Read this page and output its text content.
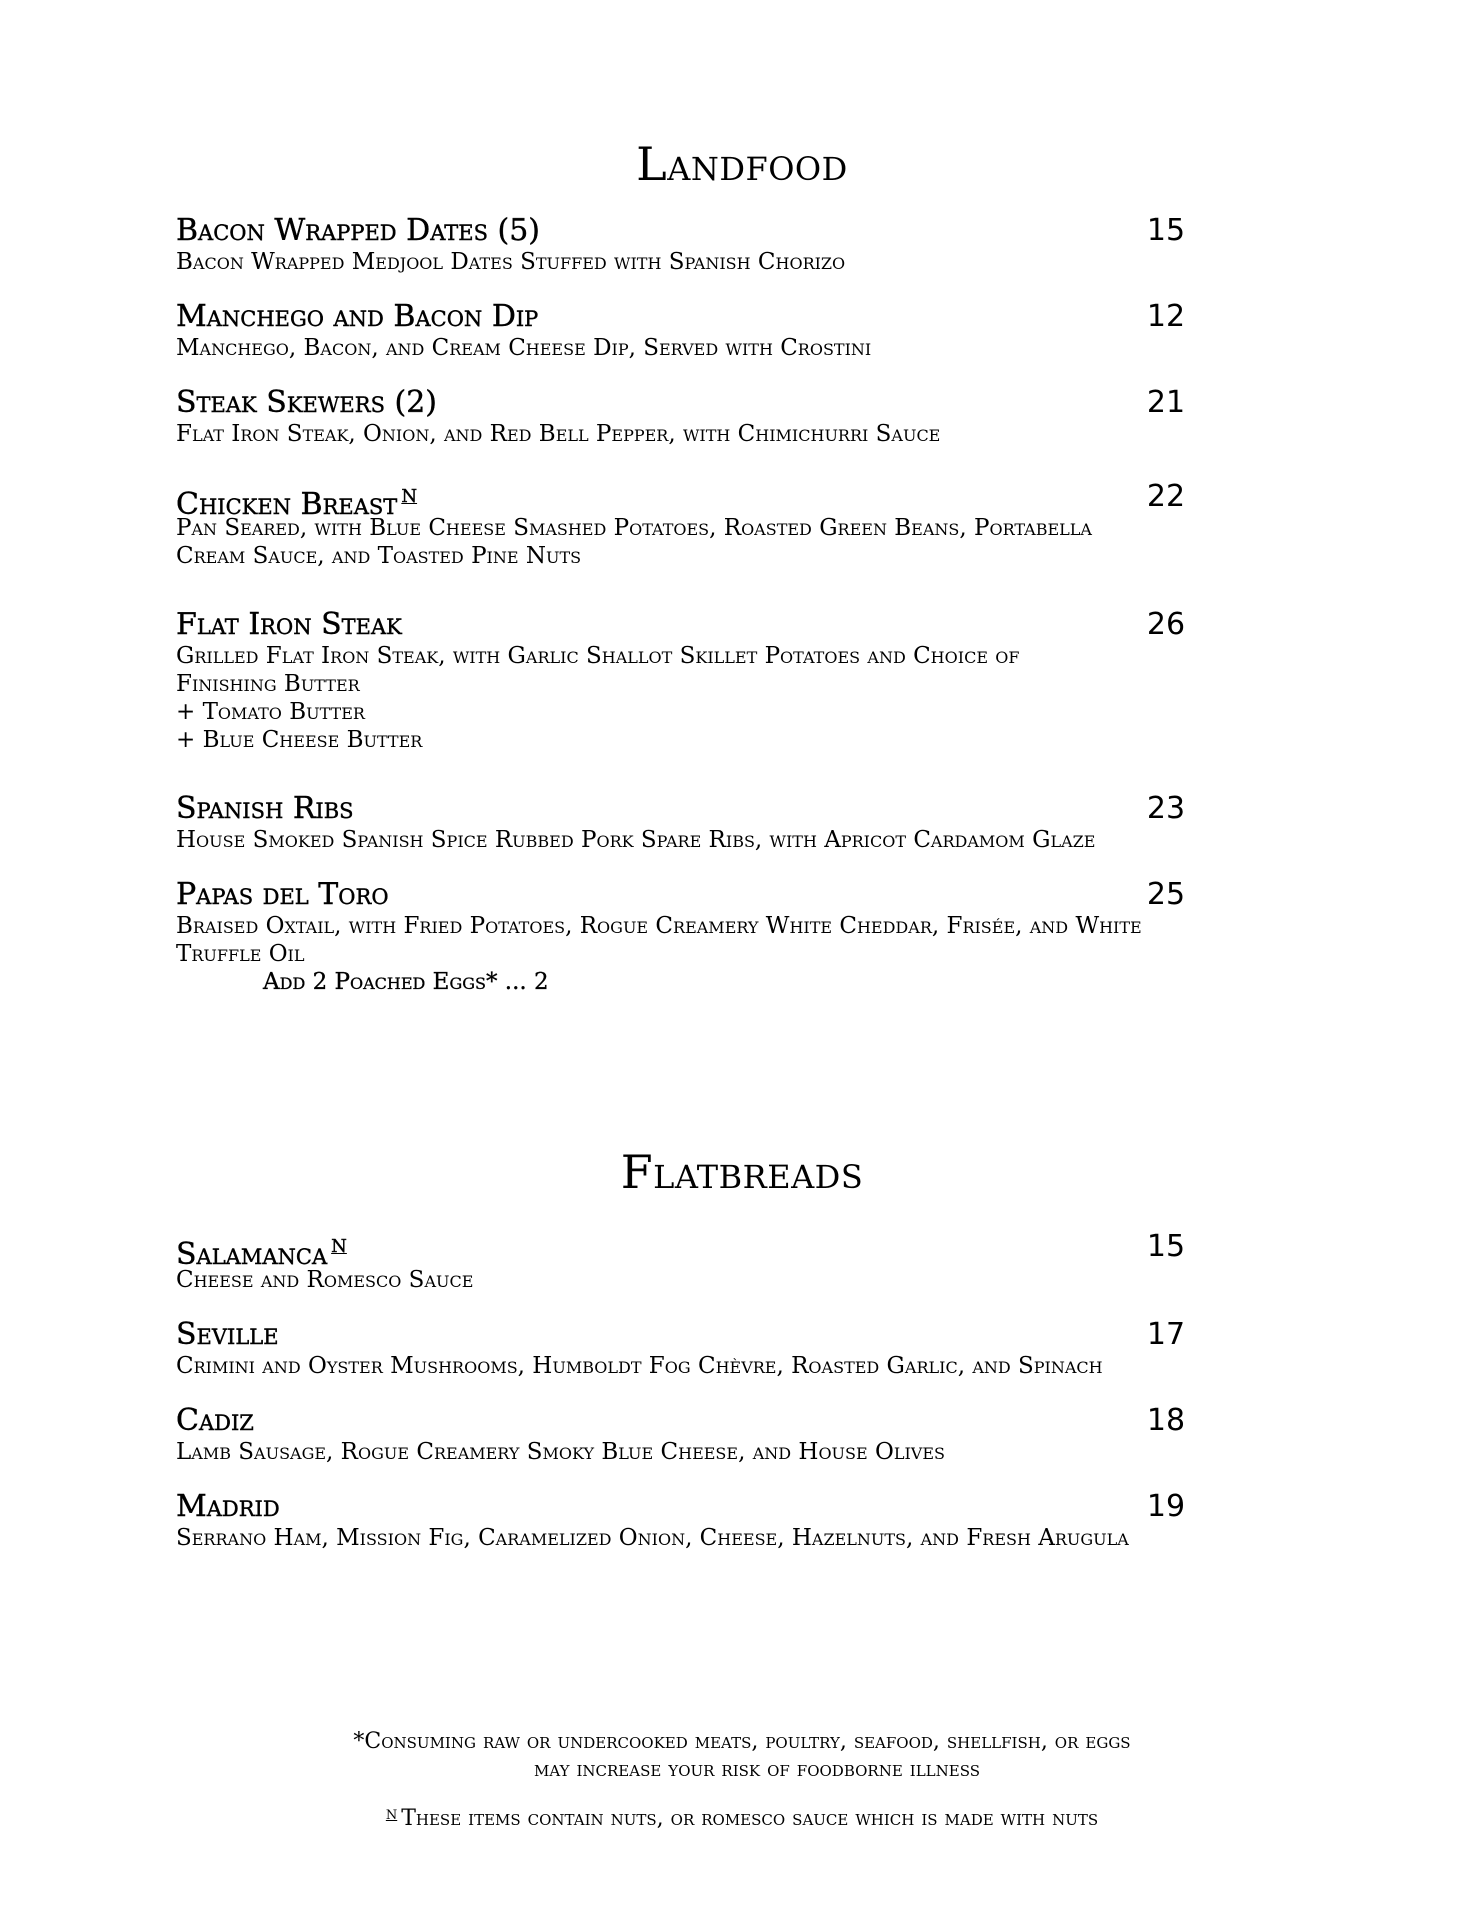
Landfood
Bacon Wrapped Dates (5)	15
Bacon Wrapped Medjool Dates Stuffed with Spanish Chorizo
Manchego and Bacon Dip	12
Manchego, Bacon, and Cream Cheese Dip, Served with Crostini
Steak Skewers (2)	21
Flat Iron Steak, Onion, and Red Bell Pepper, with Chimichurri Sauce
Chicken Breast $^N$	22
Pan Seared, with Blue Cheese Smashed Potatoes, Roasted Green Beans, Portabella
Cream Sauce, and Toasted Pine Nuts
Flat Iron Steak	26
Grilled Flat Iron Steak, with Garlic Shallot Skillet Potatoes and Choice of
Finishing Butter
+ Tomato Butter
+ Blue Cheese Butter
Spanish Ribs	23
House Smoked Spanish Spice Rubbed Pork Spare Ribs, with Apricot Cardamom Glaze
Papas del Toro	25
Braised Oxtail, with Fried Potatoes, Rogue Creamery White Cheddar, Frisée, and White
Truffle Oil
Add 2 Poached Eggs* ... 2
Flatbreads
Salamanca $^N$	15
Cheese and Romesco Sauce
Seville	17
Crimini and Oyster Mushrooms, Humboldt Fog Chèvre, Roasted Garlic, and Spinach
Cadiz	18
Lamb Sausage, Rogue Creamery Smoky Blue Cheese, and House Olives
Madrid	19
Serrano Ham, Mission Fig, Caramelized Onion, Cheese, Hazelnuts, and Fresh Arugula
*Consuming raw or undercooked meats, poultry, seafood, shellfish, or eggs
may increase your risk of foodborne illness
$^N$ These items contain nuts, or romesco sauce which is made with nuts
